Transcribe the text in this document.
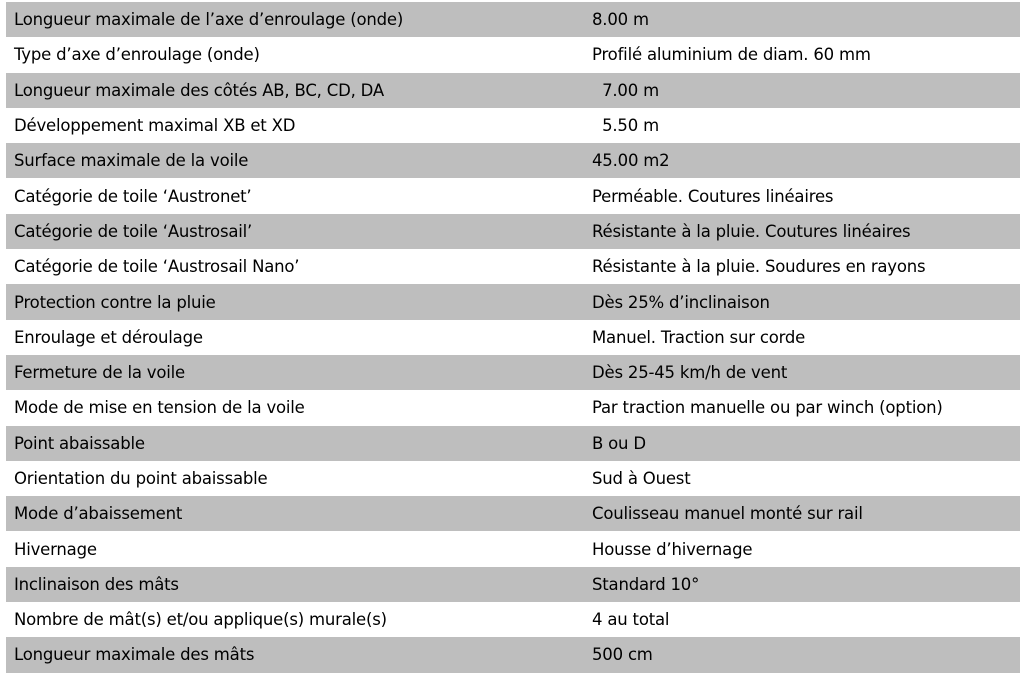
Longueur maximale de l’axe d’enroulage (onde)	8.00 m
Type d’axe d’enroulage (onde)	Profilé aluminium de diam. 60 mm
Longueur maximale des côtés AB, BC, CD, DA	7.00 m
Développement maximal XB et XD	5.50 m
Surface maximale de la voile	45.00 m2
Catégorie de toile ‘Austronet’	Perméable. Coutures linéaires
Catégorie de toile ‘Austrosail’	Résistante à la pluie. Coutures linéaires
Catégorie de toile ‘Austrosail Nano’	Résistante à la pluie. Soudures en rayons
Protection contre la pluie	Dès 25% d’inclinaison
Enroulage et déroulage	Manuel. Traction sur corde
Fermeture de la voile	Dès 25-45 km/h de vent
Mode de mise en tension de la voile	Par traction manuelle ou par winch (option)
Point abaissable	B ou D
Orientation du point abaissable	Sud à Ouest
Mode d’abaissement	Coulisseau manuel monté sur rail
Hivernage	Housse d’hivernage
Inclinaison des mâts	Standard 10°
Nombre de mât(s) et/ou applique(s) murale(s)	4 au total
Longueur maximale des mâts	500 cm
